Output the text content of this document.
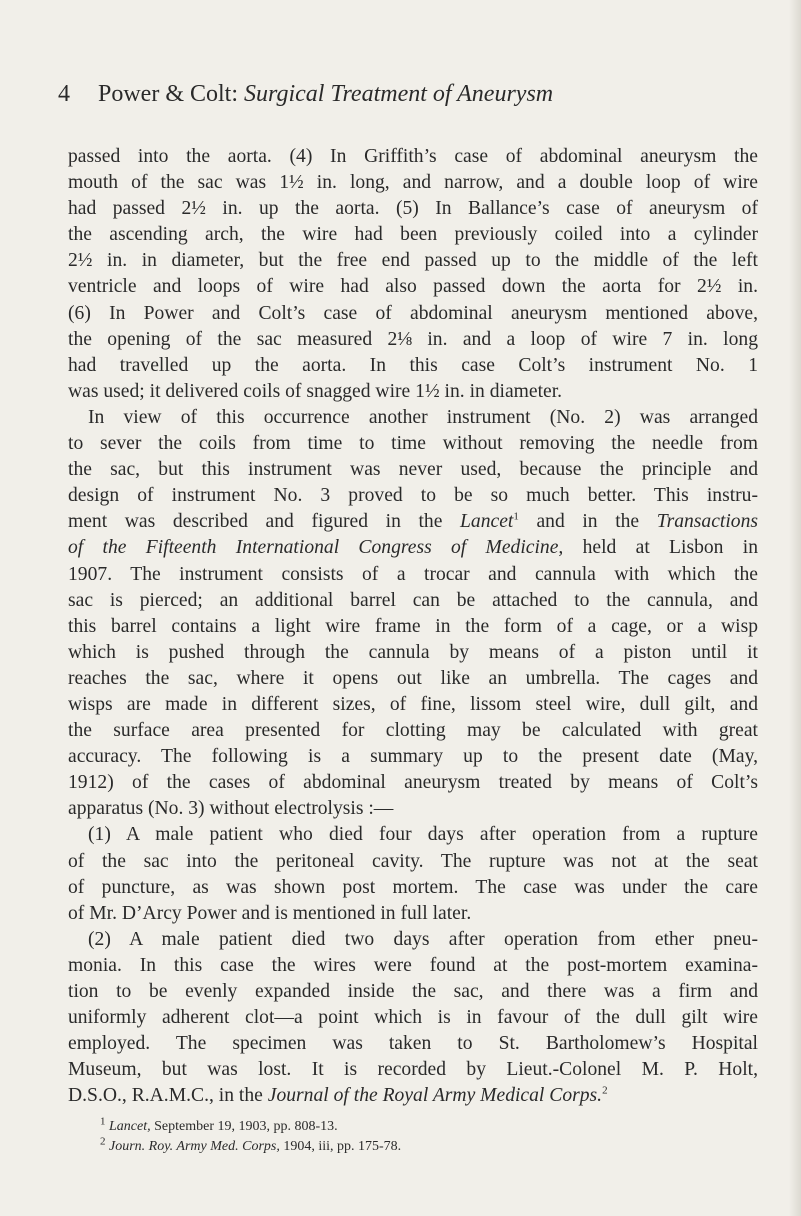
4 Power & Colt: Surgical Treatment of Aneurysm
passed into the aorta. (4) In Griffith’s case of abdominal aneurysm the
mouth of the sac was 1½ in. long, and narrow, and a double loop of wire
had passed 2½ in. up the aorta. (5) In Ballance’s case of aneurysm of
the ascending arch, the wire had been previously coiled into a cylinder
2½ in. in diameter, but the free end passed up to the middle of the left
ventricle and loops of wire had also passed down the aorta for 2½ in.
(6) In Power and Colt’s case of abdominal aneurysm mentioned above,
the opening of the sac measured 2⅛ in. and a loop of wire 7 in. long
had travelled up the aorta. In this case Colt’s instrument No. 1
was used; it delivered coils of snagged wire 1½ in. in diameter.
In view of this occurrence another instrument (No. 2) was arranged
to sever the coils from time to time without removing the needle from
the sac, but this instrument was never used, because the principle and
design of instrument No. 3 proved to be so much better. This instru-
ment was described and figured in the Lancet$^1$ and in the Transactions
of the Fifteenth International Congress of Medicine, held at Lisbon in
1907. The instrument consists of a trocar and cannula with which the
sac is pierced; an additional barrel can be attached to the cannula, and
this barrel contains a light wire frame in the form of a cage, or a wisp
which is pushed through the cannula by means of a piston until it
reaches the sac, where it opens out like an umbrella. The cages and
wisps are made in different sizes, of fine, lissom steel wire, dull gilt, and
the surface area presented for clotting may be calculated with great
accuracy. The following is a summary up to the present date (May,
1912) of the cases of abdominal aneurysm treated by means of Colt’s
apparatus (No. 3) without electrolysis :—
(1) A male patient who died four days after operation from a rupture
of the sac into the peritoneal cavity. The rupture was not at the seat
of puncture, as was shown post mortem. The case was under the care
of Mr. D’Arcy Power and is mentioned in full later.
(2) A male patient died two days after operation from ether pneu-
monia. In this case the wires were found at the post-mortem examina-
tion to be evenly expanded inside the sac, and there was a firm and
uniformly adherent clot—a point which is in favour of the dull gilt wire
employed. The specimen was taken to St. Bartholomew’s Hospital
Museum, but was lost. It is recorded by Lieut.-Colonel M. P. Holt,
D.S.O., R.A.M.C., in the Journal of the Royal Army Medical Corps.$^2$
$^1$ Lancet, September 19, 1903, pp. 808-13.
$^2$ Journ. Roy. Army Med. Corps, 1904, iii, pp. 175-78.
